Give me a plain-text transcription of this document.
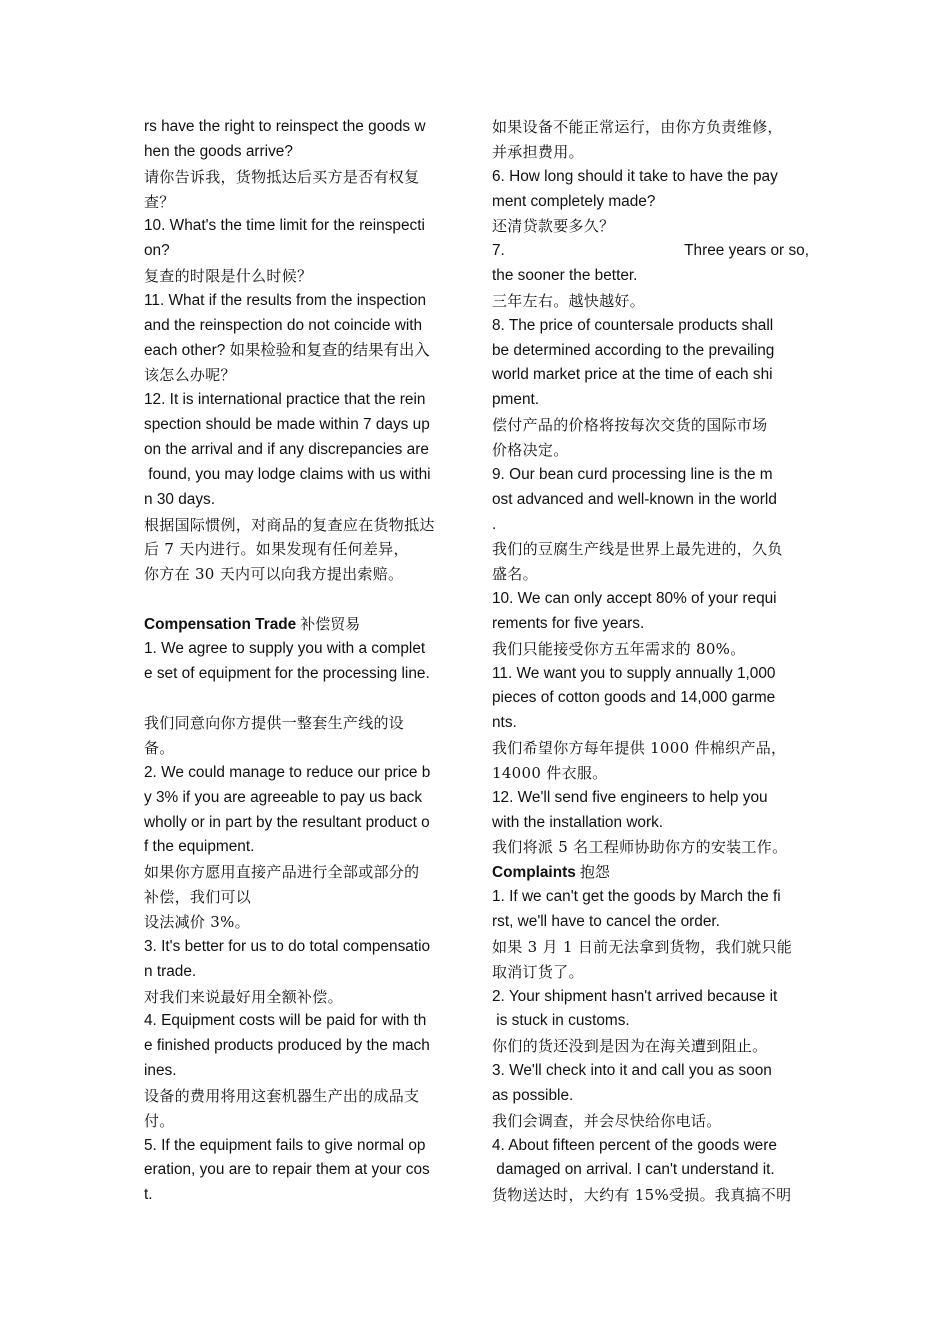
rs have the right to reinspect the goods w
hen the goods arrive?
请你告诉我，货物抵达后买方是否有权复
查？
10. What's the time limit for the reinspecti
on?
复查的时限是什么时候？
11. What if the results from the inspection
and the reinspection do not coincide with
each other? 如果检验和复查的结果有出入
该怎么办呢？
12. It is international practice that the rein
spection should be made within 7 days up
on the arrival and if any discrepancies are
found, you may lodge claims with us withi
n 30 days.
根据国际惯例，对商品的复查应在货物抵达
后 7 天内进行。如果发现有任何差异，
你方在 30 天内可以向我方提出索赔。
Compensation Trade 补偿贸易
1. We agree to supply you with a complet
e set of equipment for the processing line.
我们同意向你方提供一整套生产线的设
备。
2. We could manage to reduce our price b
y 3% if you are agreeable to pay us back
wholly or in part by the resultant product o
f the equipment.
如果你方愿用直接产品进行全部或部分的
补偿，我们可以
设法减价 3%。
3. It's better for us to do total compensatio
n trade.
对我们来说最好用全额补偿。
4. Equipment costs will be paid for with th
e finished products produced by the mach
ines.
设备的费用将用这套机器生产出的成品支
付。
5. If the equipment fails to give normal op
eration, you are to repair them at your cos
t.
如果设备不能正常运行，由你方负责维修，
并承担费用。
6. How long should it take to have the pay
ment completely made?
还清贷款要多久？
7.	Three years or so,
the sooner the better.
三年左右。越快越好。
8. The price of countersale products shall
be determined according to the prevailing
world market price at the time of each shi
pment.
偿付产品的价格将按每次交货的国际市场
价格决定。
9. Our bean curd processing line is the m
ost advanced and well-known in the world
.
我们的豆腐生产线是世界上最先进的，久负
盛名。
10. We can only accept 80% of your requi
rements for five years.
我们只能接受你方五年需求的 80%。
11. We want you to supply annually 1,000
pieces of cotton goods and 14,000 garme
nts.
我们希望你方每年提供 1000 件棉织产品，
14000 件衣服。
12. We'll send five engineers to help you
with the installation work.
我们将派 5 名工程师协助你方的安装工作。
Complaints 抱怨
1. If we can't get the goods by March the fi
rst, we'll have to cancel the order.
如果 3 月 1 日前无法拿到货物，我们就只能
取消订货了。
2. Your shipment hasn't arrived because it
is stuck in customs.
你们的货还没到是因为在海关遭到阻止。
3. We'll check into it and call you as soon
as possible.
我们会调查，并会尽快给你电话。
4. About fifteen percent of the goods were
damaged on arrival. I can't understand it.
货物送达时，大约有 15%受损。我真搞不明
